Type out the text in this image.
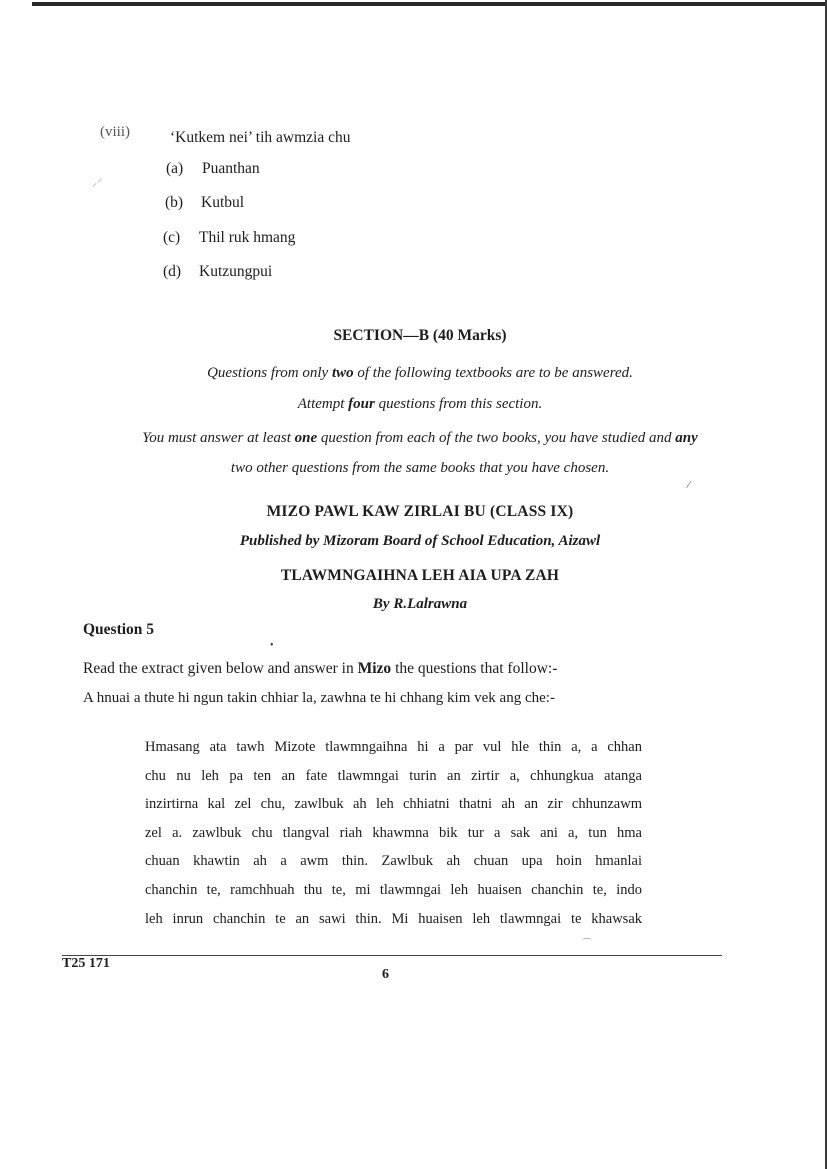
(viii)	‘Kutkem nei’ tih awmzia chu
(a) Puanthan
(b) Kutbul
(c) Thil ruk hmang
(d) Kutzungpui
SECTION—B (40 Marks)
Questions from only two of the following textbooks are to be answered.
Attempt four questions from this section.
You must answer at least one question from each of the two books, you have studied and any
two other questions from the same books that you have chosen.
MIZO PAWL KAW ZIRLAI BU (CLASS IX)
Published by Mizoram Board of School Education, Aizawl
TLAWMNGAIHNA LEH AIA UPA ZAH
By R.Lalrawna
Question 5
Read the extract given below and answer in Mizo the questions that follow:-
A hnuai a thute hi ngun takin chhiar la, zawhna te hi chhang kim vek ang che:-
Hmasang ata tawh Mizote tlawmngaihna hi a par vul hle thin a, a chhan
chu nu leh pa ten an fate tlawmngai turin an zirtir a, chhungkua atanga
inzirtirna kal zel chu, zawlbuk ah leh chhiatni thatni ah an zir chhunzawm
zel a. zawlbuk chu tlangval riah khawmna bik tur a sak ani a, tun hma
chuan khawtin ah a awm thin. Zawlbuk ah chuan upa hoin hmanlai
chanchin te, ramchhuah thu te, mi tlawmngai leh huaisen chanchin te, indo
leh inrun chanchin te an sawi thin. Mi huaisen leh tlawmngai te khawsak
T25 171
6
⸝⸍
⁄
•
⌒
